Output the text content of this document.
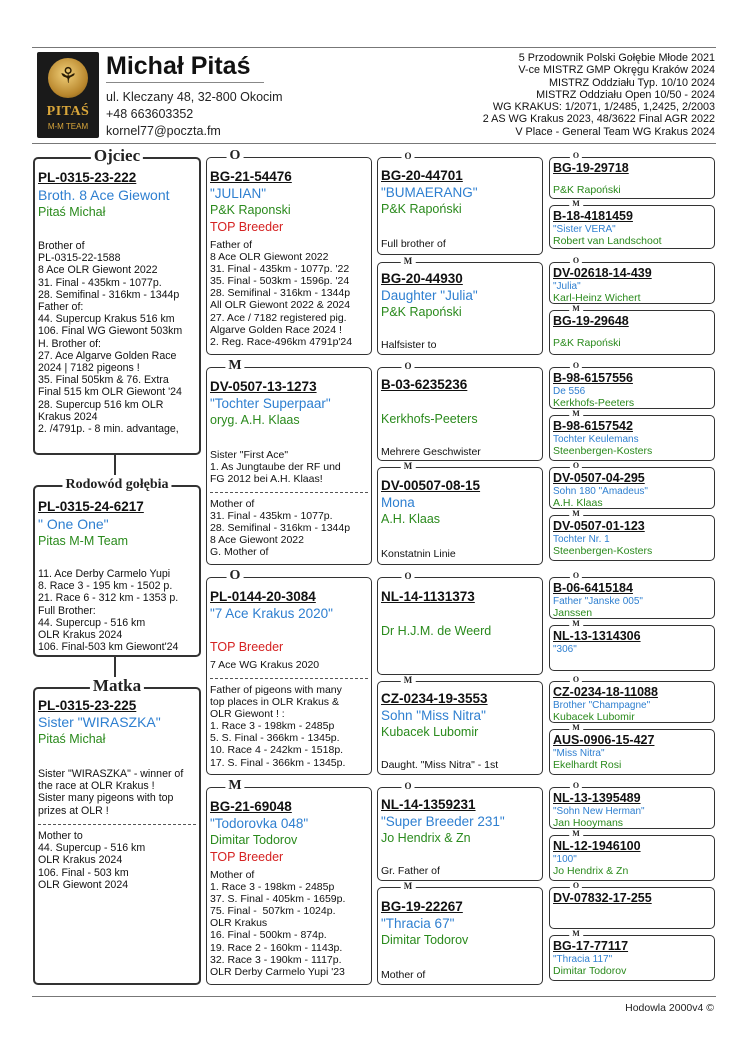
⚘
PITAŚ
M-M TEAM
Michał Pitaś
ul. Kleczany 48, 32-800 Okocim
+48 663603352
kornel77@poczta.fm
5 Przodownik Polski Gołębie Młode 2021
V-ce MISTRZ GMP Okręgu Kraków 2024
MISTRZ Oddziału Typ. 10/10 2024
MISTRZ Oddziału Open 10/50 - 2024
WG KRAKUS: 1/2071, 1/2485, 1,2425, 2/2003
2 AS WG Krakus 2023, 48/3622 Final AGR 2022
V Place - General Team WG Krakus 2024
Ojciec
PL-0315-23-222
Broth. 8 Ace Giewont
Pitaś Michał
Brother of
PL-0315-22-1588
8 Ace OLR Giewont 2022
31. Final - 435km - 1077p.
28. Semifinal - 316km - 1344p
Father of:
44. Supercup Krakus 516 km
106. Final WG Giewont 503km
H. Brother of:
27. Ace Algarve Golden Race
2024 | 7182 pigeons !
35. Final 505km & 76. Extra
Final 515 km OLR Giewont '24
28. Supercup 516 km OLR
Krakus 2024
2. /4791p. - 8 min. advantage,
Rodowód gołębia
PL-0315-24-6217
" One One"
Pitas M-M Team
11. Ace Derby Carmelo Yupi
8. Race 3 - 195 km - 1502 p.
21. Race 6 - 312 km - 1353 p.
Full Brother:
44. Supercup - 516 km
OLR Krakus 2024
106. Final-503 km Giewont'24
Matka
PL-0315-23-225
Sister "WIRASZKA"
Pitaś Michał
Sister "WIRASZKA" - winner of
the race at OLR Krakus !
Sister many pigeons with top
prizes at OLR !
Mother to
44. Supercup - 516 km
OLR Krakus 2024
106. Final - 503 km
OLR Giewont 2024
O
BG-21-54476
"JULIAN"
P&K Raponski
TOP Breeder
Father of
8 Ace OLR Giewont 2022
31. Final - 435km - 1077p. '22
35. Final - 503km - 1596p. '24
28. Semifinal - 316km - 1344p
All OLR Giewont 2022 & 2024
27. Ace / 7182 registered pig.
Algarve Golden Race 2024 !
2. Reg. Race-496km 4791p'24
M
DV-0507-13-1273
"Tochter Superpaar"
oryg. A.H. Klaas
Sister "First Ace"
1. As Jungtaube der RF und
FG 2012 bei A.H. Klaas!
Mother of
31. Final - 435km - 1077p.
28. Semifinal - 316km - 1344p
8 Ace Giewont 2022
G. Mother of
O
PL-0144-20-3084
"7 Ace Krakus 2020"
TOP Breeder
7 Ace WG Krakus 2020
Father of pigeons with many
top places in OLR Krakus &
OLR Giewont ! :
1. Race 3 - 198km - 2485p
5. S. Final - 366km - 1345p.
10. Race 4 - 242km - 1518p.
17. S. Final - 366km - 1345p.
M
BG-21-69048
"Todorovka 048"
Dimitar Todorov
TOP Breeder
Mother of
1. Race 3 - 198km - 2485p
37. S. Final - 405km - 1659p.
75. Final -  507km - 1024p.
OLR Krakus
16. Final - 500km - 874p.
19. Race 2 - 160km - 1143p.
32. Race 3 - 190km - 1117p.
OLR Derby Carmelo Yupi '23
O
BG-20-44701
"BUMAERANG"
P&K Rapoński
Full brother of
M
BG-20-44930
Daughter "Julia"
P&K Rapoński
Halfsister to
O
B-03-6235236
Kerkhofs-Peeters
Mehrere Geschwister
M
DV-00507-08-15
Mona
A.H. Klaas
Konstatnin Linie
O
NL-14-1131373
Dr H.J.M. de Weerd
M
CZ-0234-19-3553
Sohn "Miss Nitra"
Kubacek Lubomir
Daught. "Miss Nitra" - 1st
O
NL-14-1359231
"Super Breeder 231"
Jo Hendrix & Zn
Gr. Father of
M
BG-19-22267
"Thracia 67"
Dimitar Todorov
Mother of
O
BG-19-29718
P&K Rapoński
M
B-18-4181459
"Sister VERA"
Robert van Landschoot
O
DV-02618-14-439
"Julia"
Karl-Heinz Wichert
M
BG-19-29648
P&K Rapoński
O
B-98-6157556
De 556
Kerkhofs-Peeters
M
B-98-6157542
Tochter Keulemans
Steenbergen-Kosters
O
DV-0507-04-295
Sohn 180 "Amadeus"
A.H. Klaas
M
DV-0507-01-123
Tochter Nr. 1
Steenbergen-Kosters
O
B-06-6415184
Father "Janske 005"
Janssen
M
NL-13-1314306
"306"
O
CZ-0234-18-11088
Brother "Champagne"
Kubacek Lubomir
M
AUS-0906-15-427
"Miss Nitra"
Ekelhardt Rosi
O
NL-13-1395489
"Sohn New Herman"
Jan Hooymans
M
NL-12-1946100
"100"
Jo Hendrix & Zn
O
DV-07832-17-255
M
BG-17-77117
"Thracia 117"
Dimitar Todorov
Hodowla 2000v4 ©
